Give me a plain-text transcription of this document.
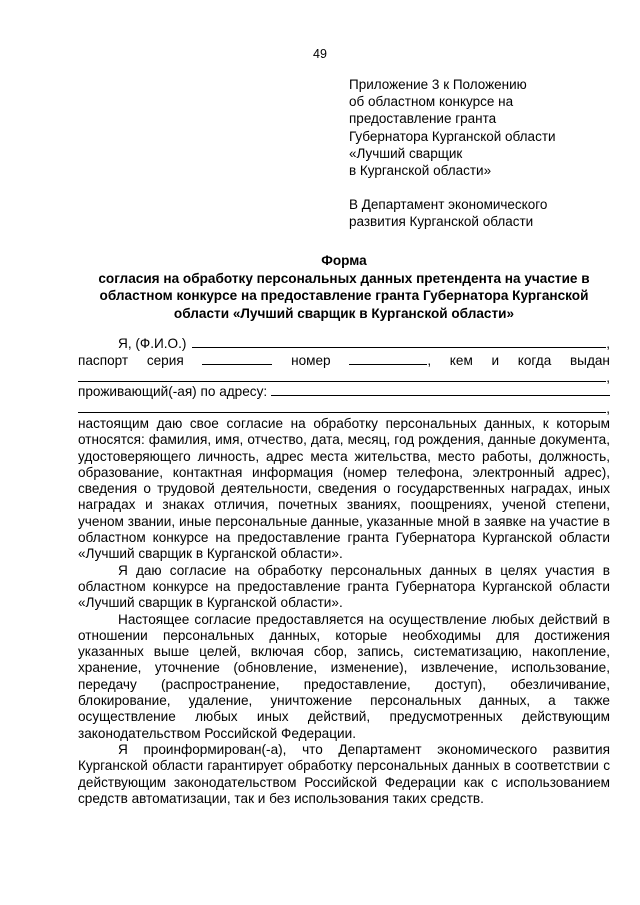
49
Приложение 3 к Положению
об областном конкурсе на
предоставление гранта
Губернатора Курганской области
«Лучший сварщик
в Курганской области»
В Департамент экономического
развития Курганской области
Форма
согласия на обработку персональных данных претендента на участие в
областном конкурсе на предоставление гранта Губернатора Курганской
области «Лучший сварщик в Курганской области»
Я, (Ф.И.О.)	,
паспорт серия	номер	, кем и когда выдан
,
проживающий(-ая) по адресу:
,

настоящим даю свое согласие на обработку персональных данных, к которым относятся: фамилия, имя, отчество, дата, месяц, год рождения, данные документа, удостоверяющего личность, адрес места жительства, место работы, должность, образование, контактная информация (номер телефона, электронный адрес), сведения о трудовой деятельности, сведения о государственных наградах, иных наградах и знаках отличия, почетных званиях, поощрениях, ученой степени, ученом звании, иные персональные данные, указанные мной в заявке на участие в областном конкурсе на предоставление гранта Губернатора Курганской области «Лучший сварщик в Курганской области».

Я даю согласие на обработку персональных данных в целях участия в областном конкурсе на предоставление гранта Губернатора Курганской области «Лучший сварщик в Курганской области».

Настоящее согласие предоставляется на осуществление любых действий в отношении персональных данных, которые необходимы для достижения указанных выше целей, включая сбор, запись, систематизацию, накопление, хранение, уточнение (обновление, изменение), извлечение, использование, передачу (распространение, предоставление, доступ), обезличивание, блокирование, удаление, уничтожение персональных данных, а также осуществление любых иных действий, предусмотренных действующим законодательством Российской Федерации.

Я проинформирован(-а), что Департамент экономического развития Курганской области гарантирует обработку персональных данных в соответствии с действующим законодательством Российской Федерации как с использованием средств автоматизации, так и без использования таких средств.
